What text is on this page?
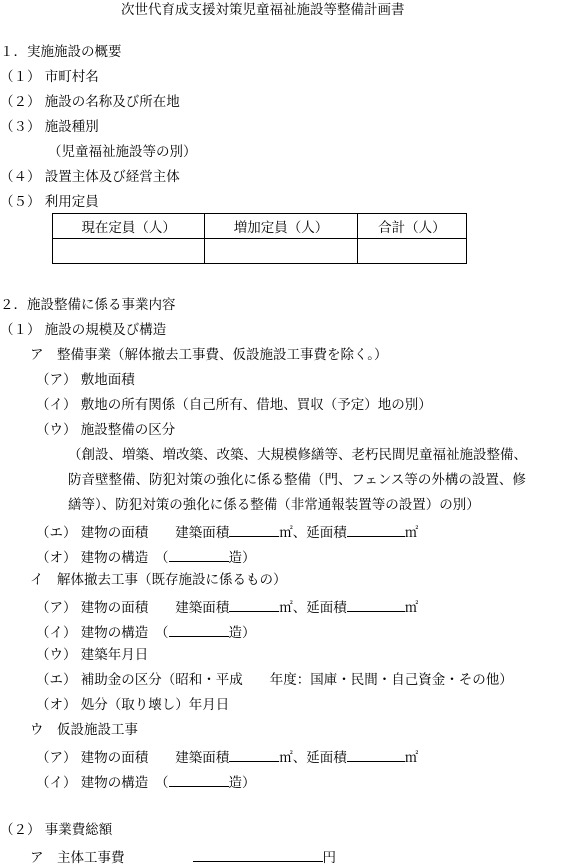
次世代育成支援対策児童福祉施設等整備計画書
１．実施施設の概要
（１） 市町村名
（２） 施設の名称及び所在地
（３） 施設種別
（児童福祉施設等の別）
（４） 設置主体及び経営主体
（５） 利用定員
現在定員（人）	増加定員（人）	合計（人）

２．施設整備に係る事業内容
（１） 施設の規模及び構造
ア　整備事業（解体撤去工事費、仮設施設工事費を除く。）
（ア） 敷地面積
（イ） 敷地の所有関係（自己所有、借地、買収（予定）地の別）
（ウ） 施設整備の区分
（創設、増築、増改築、改築、大規模修繕等、老朽民間児童福祉施設整備、
防音壁整備、防犯対策の強化に係る整備（門、フェンス等の外構の設置、修
繕等）、防犯対策の強化に係る整備（非常通報装置等の設置）の別）
（エ） 建物の面積　　建築面積	㎡、延面積	㎡
（オ） 建物の構造　（	造）
イ　解体撤去工事（既存施設に係るもの）
（ア） 建物の面積　　建築面積	㎡、延面積	㎡
（イ） 建物の構造　（	造）
（ウ） 建築年月日
（エ） 補助金の区分（昭和・平成　　年度：国庫・民間・自己資金・その他）
（オ） 処分（取り壊し）年月日
ウ　仮設施設工事
（ア） 建物の面積　　建築面積	㎡、延面積	㎡
（イ） 建物の構造　（	造）
（２） 事業費総額
ア　主体工事費	円
